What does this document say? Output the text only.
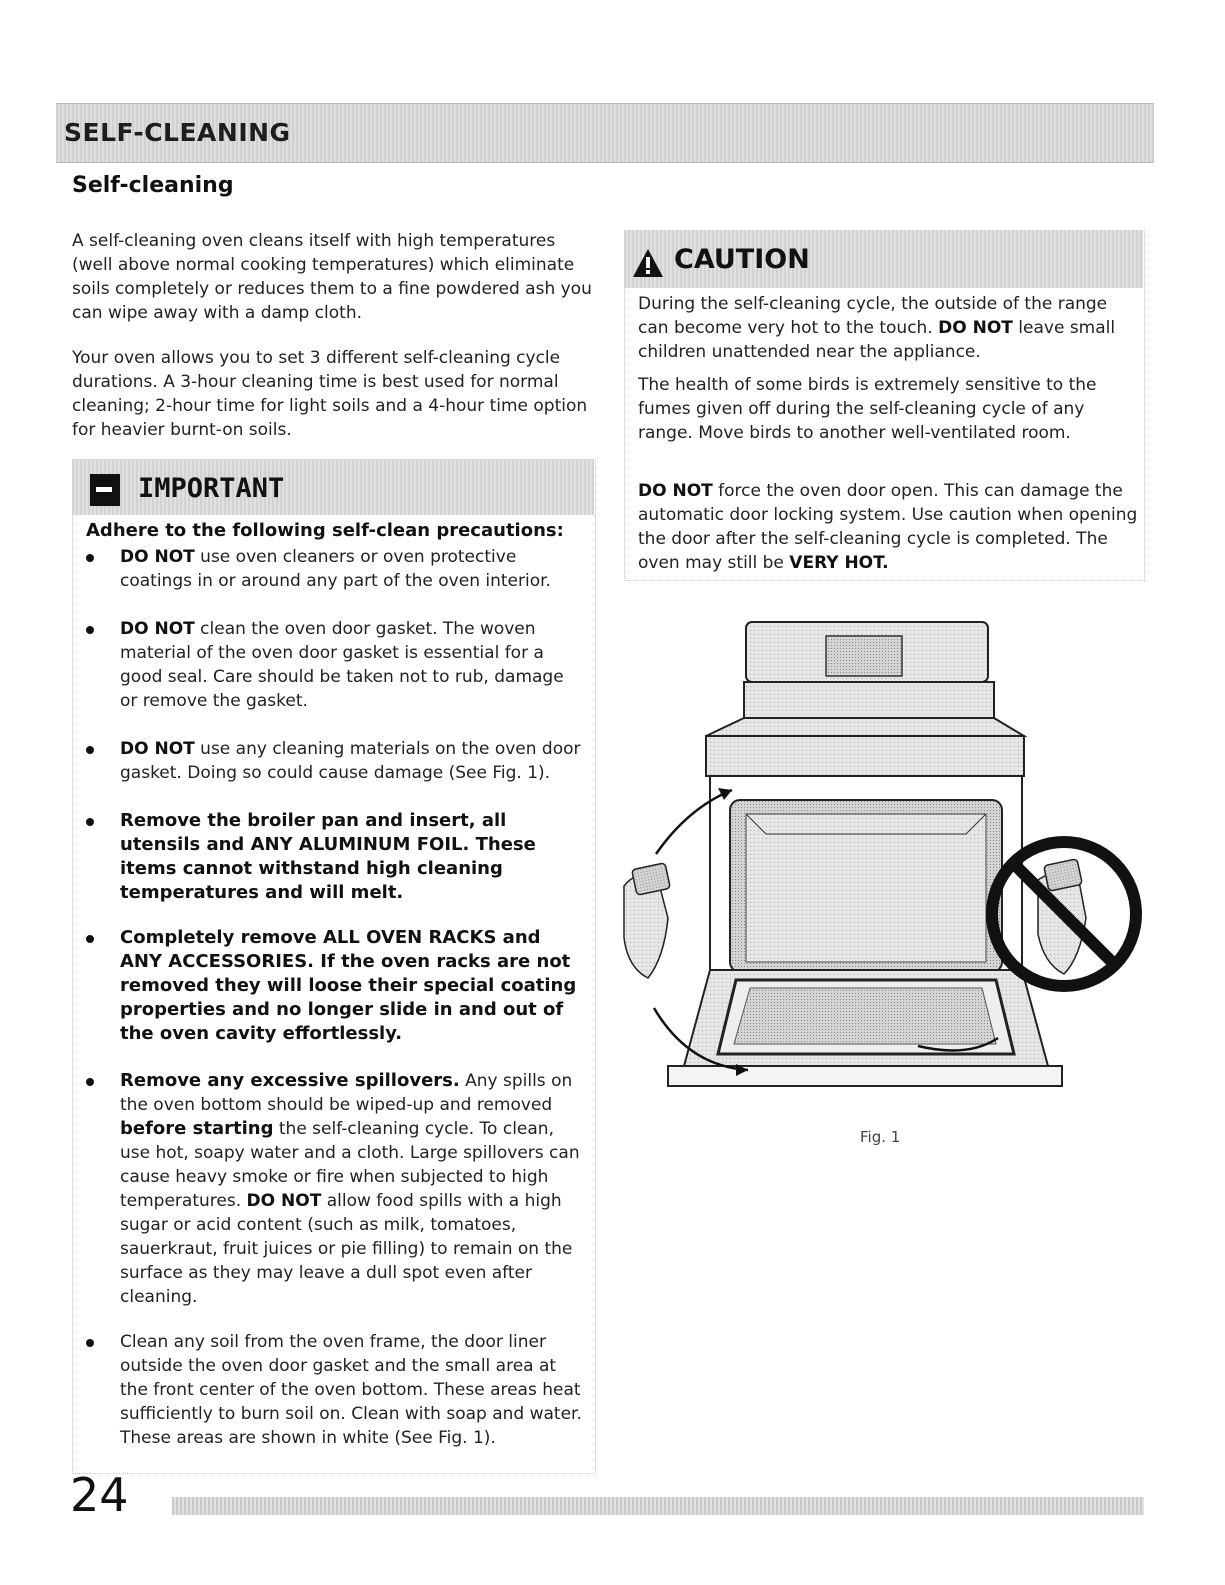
SELF-CLEANING
Self-cleaning

A self-cleaning oven cleans itself with high temperatures (well above normal cooking temperatures) which eliminate soils completely or reduces them to a fine powdered ash you can wipe away with a damp cloth.

Your oven allows you to set 3 different self-cleaning cycle durations. A 3-hour cleaning time is best used for normal cleaning; 2-hour time for light soils and a 4-hour time option for heavier burnt-on soils.

IMPORTANT
Adhere to the following self-clean precautions:
DO NOT use oven cleaners or oven protective coatings in or around any part of the oven interior.
DO NOT clean the oven door gasket. The woven material of the oven door gasket is essential for a good seal. Care should be taken not to rub, damage or remove the gasket.
DO NOT use any cleaning materials on the oven door gasket. Doing so could cause damage (See Fig. 1).
Remove the broiler pan and insert, all utensils and ANY ALUMINUM FOIL. These items cannot withstand high cleaning temperatures and will melt.
Completely remove ALL OVEN RACKS and ANY ACCESSORIES. If the oven racks are not removed they will loose their special coating properties and no longer slide in and out of the oven cavity effortlessly.
Remove any excessive spillovers. Any spills on the oven bottom should be wiped-up and removed before starting the self-cleaning cycle. To clean, use hot, soapy water and a cloth. Large spillovers can cause heavy smoke or fire when subjected to high temperatures. DO NOT allow food spills with a high sugar or acid content (such as milk, tomatoes, sauerkraut, fruit juices or pie filling) to remain on the surface as they may leave a dull spot even after cleaning.
Clean any soil from the oven frame, the door liner outside the oven door gasket and the small area at the front center of the oven bottom. These areas heat sufficiently to burn soil on. Clean with soap and water. These areas are shown in white (See Fig. 1).
CAUTION

During the self-cleaning cycle, the outside of the range can become very hot to the touch. DO NOT leave small children unattended near the appliance.

The health of some birds is extremely sensitive to the fumes given off during the self-cleaning cycle of any range. Move birds to another well-ventilated room.

DO NOT force the oven door open. This can damage the automatic door locking system. Use caution when opening the door after the self-cleaning cycle is completed. The oven may still be VERY HOT.

Fig. 1
24
